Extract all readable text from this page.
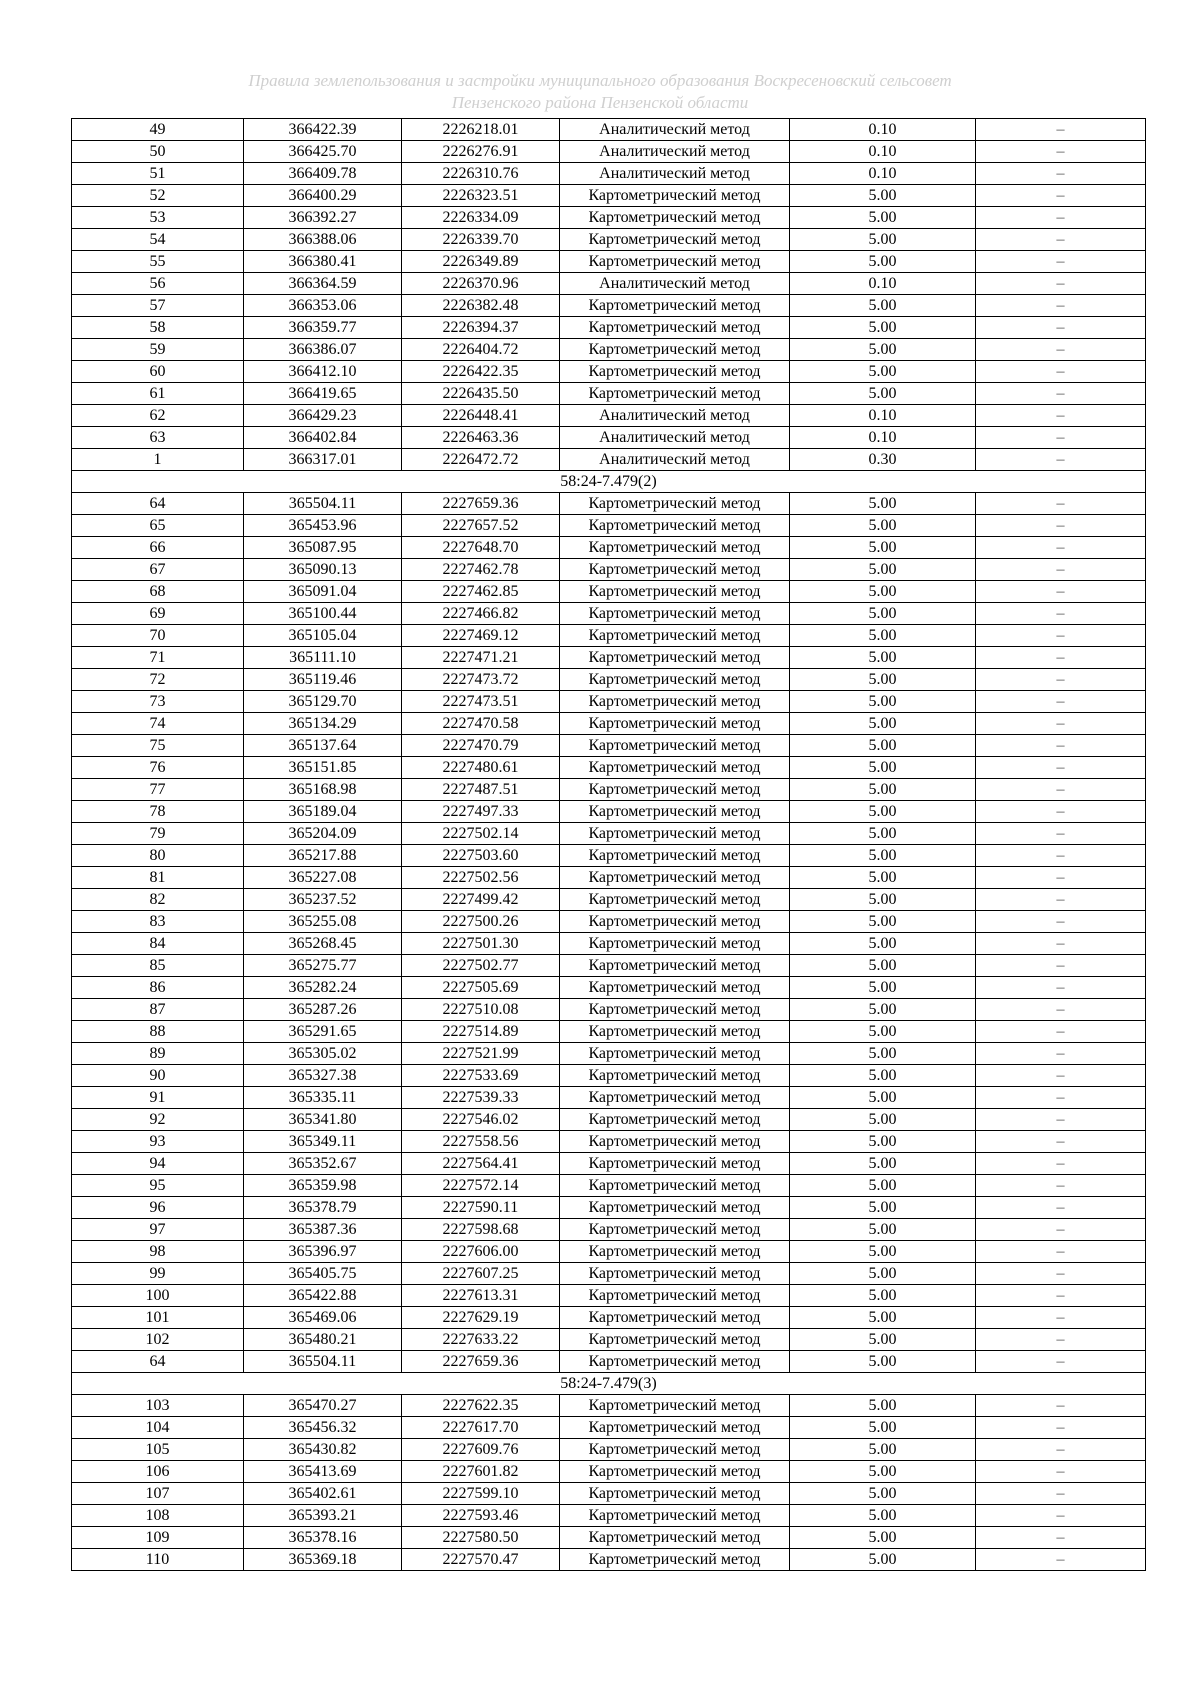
Правила землепользования и застройки муниципального образования Воскресеновский сельсовет
Пензенского района Пензенской области
49	366422.39	2226218.01	Аналитический метод	0.10	–
50	366425.70	2226276.91	Аналитический метод	0.10	–
51	366409.78	2226310.76	Аналитический метод	0.10	–
52	366400.29	2226323.51	Картометрический метод	5.00	–
53	366392.27	2226334.09	Картометрический метод	5.00	–
54	366388.06	2226339.70	Картометрический метод	5.00	–
55	366380.41	2226349.89	Картометрический метод	5.00	–
56	366364.59	2226370.96	Аналитический метод	0.10	–
57	366353.06	2226382.48	Картометрический метод	5.00	–
58	366359.77	2226394.37	Картометрический метод	5.00	–
59	366386.07	2226404.72	Картометрический метод	5.00	–
60	366412.10	2226422.35	Картометрический метод	5.00	–
61	366419.65	2226435.50	Картометрический метод	5.00	–
62	366429.23	2226448.41	Аналитический метод	0.10	–
63	366402.84	2226463.36	Аналитический метод	0.10	–
1	366317.01	2226472.72	Аналитический метод	0.30	–
58:24-7.479(2)					
64	365504.11	2227659.36	Картометрический метод	5.00	–
65	365453.96	2227657.52	Картометрический метод	5.00	–
66	365087.95	2227648.70	Картометрический метод	5.00	–
67	365090.13	2227462.78	Картометрический метод	5.00	–
68	365091.04	2227462.85	Картометрический метод	5.00	–
69	365100.44	2227466.82	Картометрический метод	5.00	–
70	365105.04	2227469.12	Картометрический метод	5.00	–
71	365111.10	2227471.21	Картометрический метод	5.00	–
72	365119.46	2227473.72	Картометрический метод	5.00	–
73	365129.70	2227473.51	Картометрический метод	5.00	–
74	365134.29	2227470.58	Картометрический метод	5.00	–
75	365137.64	2227470.79	Картометрический метод	5.00	–
76	365151.85	2227480.61	Картометрический метод	5.00	–
77	365168.98	2227487.51	Картометрический метод	5.00	–
78	365189.04	2227497.33	Картометрический метод	5.00	–
79	365204.09	2227502.14	Картометрический метод	5.00	–
80	365217.88	2227503.60	Картометрический метод	5.00	–
81	365227.08	2227502.56	Картометрический метод	5.00	–
82	365237.52	2227499.42	Картометрический метод	5.00	–
83	365255.08	2227500.26	Картометрический метод	5.00	–
84	365268.45	2227501.30	Картометрический метод	5.00	–
85	365275.77	2227502.77	Картометрический метод	5.00	–
86	365282.24	2227505.69	Картометрический метод	5.00	–
87	365287.26	2227510.08	Картометрический метод	5.00	–
88	365291.65	2227514.89	Картометрический метод	5.00	–
89	365305.02	2227521.99	Картометрический метод	5.00	–
90	365327.38	2227533.69	Картометрический метод	5.00	–
91	365335.11	2227539.33	Картометрический метод	5.00	–
92	365341.80	2227546.02	Картометрический метод	5.00	–
93	365349.11	2227558.56	Картометрический метод	5.00	–
94	365352.67	2227564.41	Картометрический метод	5.00	–
95	365359.98	2227572.14	Картометрический метод	5.00	–
96	365378.79	2227590.11	Картометрический метод	5.00	–
97	365387.36	2227598.68	Картометрический метод	5.00	–
98	365396.97	2227606.00	Картометрический метод	5.00	–
99	365405.75	2227607.25	Картометрический метод	5.00	–
100	365422.88	2227613.31	Картометрический метод	5.00	–
101	365469.06	2227629.19	Картометрический метод	5.00	–
102	365480.21	2227633.22	Картометрический метод	5.00	–
64	365504.11	2227659.36	Картометрический метод	5.00	–
58:24-7.479(3)					
103	365470.27	2227622.35	Картометрический метод	5.00	–
104	365456.32	2227617.70	Картометрический метод	5.00	–
105	365430.82	2227609.76	Картометрический метод	5.00	–
106	365413.69	2227601.82	Картометрический метод	5.00	–
107	365402.61	2227599.10	Картометрический метод	5.00	–
108	365393.21	2227593.46	Картометрический метод	5.00	–
109	365378.16	2227580.50	Картометрический метод	5.00	–
110	365369.18	2227570.47	Картометрический метод	5.00	–
